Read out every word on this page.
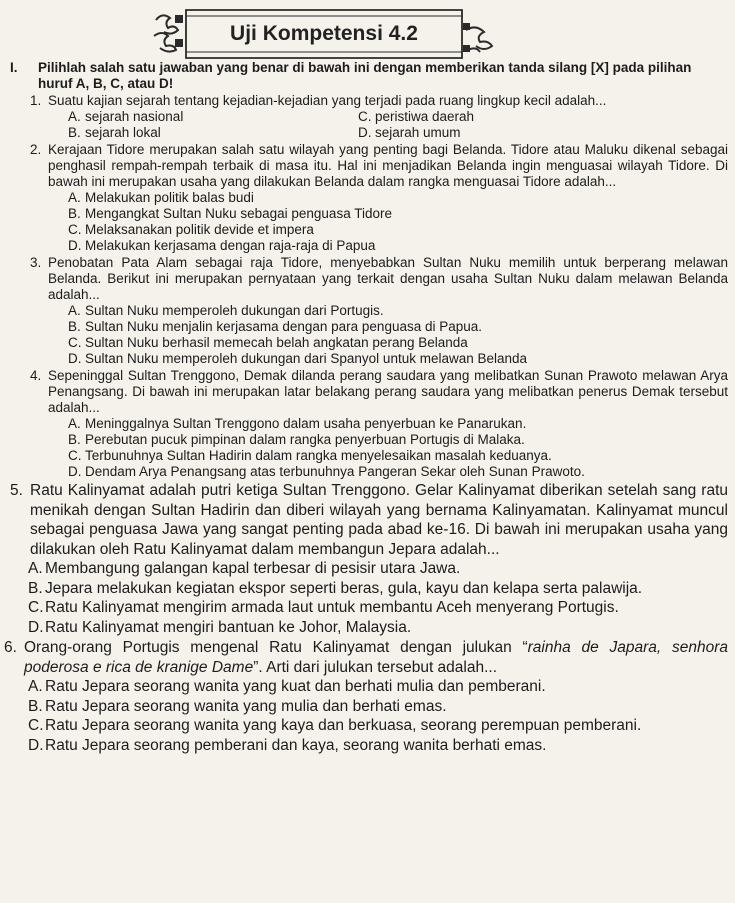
Uji Kompetensi 4.2
I.	Pilihlah salah satu jawaban yang benar di bawah ini dengan memberikan tanda silang [X] pada pilihan huruf A, B, C, atau D!
1. Suatu kajian sejarah tentang kejadian-kejadian yang terjadi pada ruang lingkup kecil adalah...
A. sejarah nasional	C. peristiwa daerah
B. sejarah lokal	D. sejarah umum
2. Kerajaan Tidore merupakan salah satu wilayah yang penting bagi Belanda. Tidore atau Maluku dikenal sebagai penghasil rempah-rempah terbaik di masa itu. Hal ini menjadikan Belanda ingin menguasai wilayah Tidore. Di bawah ini merupakan usaha yang dilakukan Belanda dalam rangka menguasai Tidore adalah...
A. Melakukan politik balas budi
B. Mengangkat Sultan Nuku sebagai penguasa Tidore
C. Melaksanakan politik devide et impera
D. Melakukan kerjasama dengan raja-raja di Papua
3. Penobatan Pata Alam sebagai raja Tidore, menyebabkan Sultan Nuku memilih untuk berperang melawan Belanda. Berikut ini merupakan pernyataan yang terkait dengan usaha Sultan Nuku dalam melawan Belanda adalah...
A. Sultan Nuku memperoleh dukungan dari Portugis.
B. Sultan Nuku menjalin kerjasama dengan para penguasa di Papua.
C. Sultan Nuku berhasil memecah belah angkatan perang Belanda
D. Sultan Nuku memperoleh dukungan dari Spanyol untuk melawan Belanda
4. Sepeninggal Sultan Trenggono, Demak dilanda perang saudara yang melibatkan Sunan Prawoto melawan Arya Penangsang. Di bawah ini merupakan latar belakang perang saudara yang melibatkan penerus Demak tersebut adalah...
A. Meninggalnya Sultan Trenggono dalam usaha penyerbuan ke Panarukan.
B. Perebutan pucuk pimpinan dalam rangka penyerbuan Portugis di Malaka.
C. Terbunuhnya Sultan Hadirin dalam rangka menyelesaikan masalah keduanya.
D. Dendam Arya Penangsang atas terbunuhnya Pangeran Sekar oleh Sunan Prawoto.
5. Ratu Kalinyamat adalah putri ketiga Sultan Trenggono. Gelar Kalinyamat diberikan setelah sang ratu menikah dengan Sultan Hadirin dan diberi wilayah yang bernama Kalinyamatan. Kalinyamat muncul sebagai penguasa Jawa yang sangat penting pada abad ke-16. Di bawah ini merupakan usaha yang dilakukan oleh Ratu Kalinyamat dalam membangun Jepara adalah...
A. Membangung galangan kapal terbesar di pesisir utara Jawa.
B. Jepara melakukan kegiatan ekspor seperti beras, gula, kayu dan kelapa serta palawija.
C. Ratu Kalinyamat mengirim armada laut untuk membantu Aceh menyerang Portugis.
D. Ratu Kalinyamat mengiri bantuan ke Johor, Malaysia.
6. Orang-orang Portugis mengenal Ratu Kalinyamat dengan julukan “rainha de Japara, senhora poderosa e rica de kranige Dame”. Arti dari julukan tersebut adalah...
A. Ratu Jepara seorang wanita yang kuat dan berhati mulia dan pemberani.
B. Ratu Jepara seorang wanita yang mulia dan berhati emas.
C. Ratu Jepara seorang wanita yang kaya dan berkuasa, seorang perempuan pemberani.
D. Ratu Jepara seorang pemberani dan kaya, seorang wanita berhati emas.
